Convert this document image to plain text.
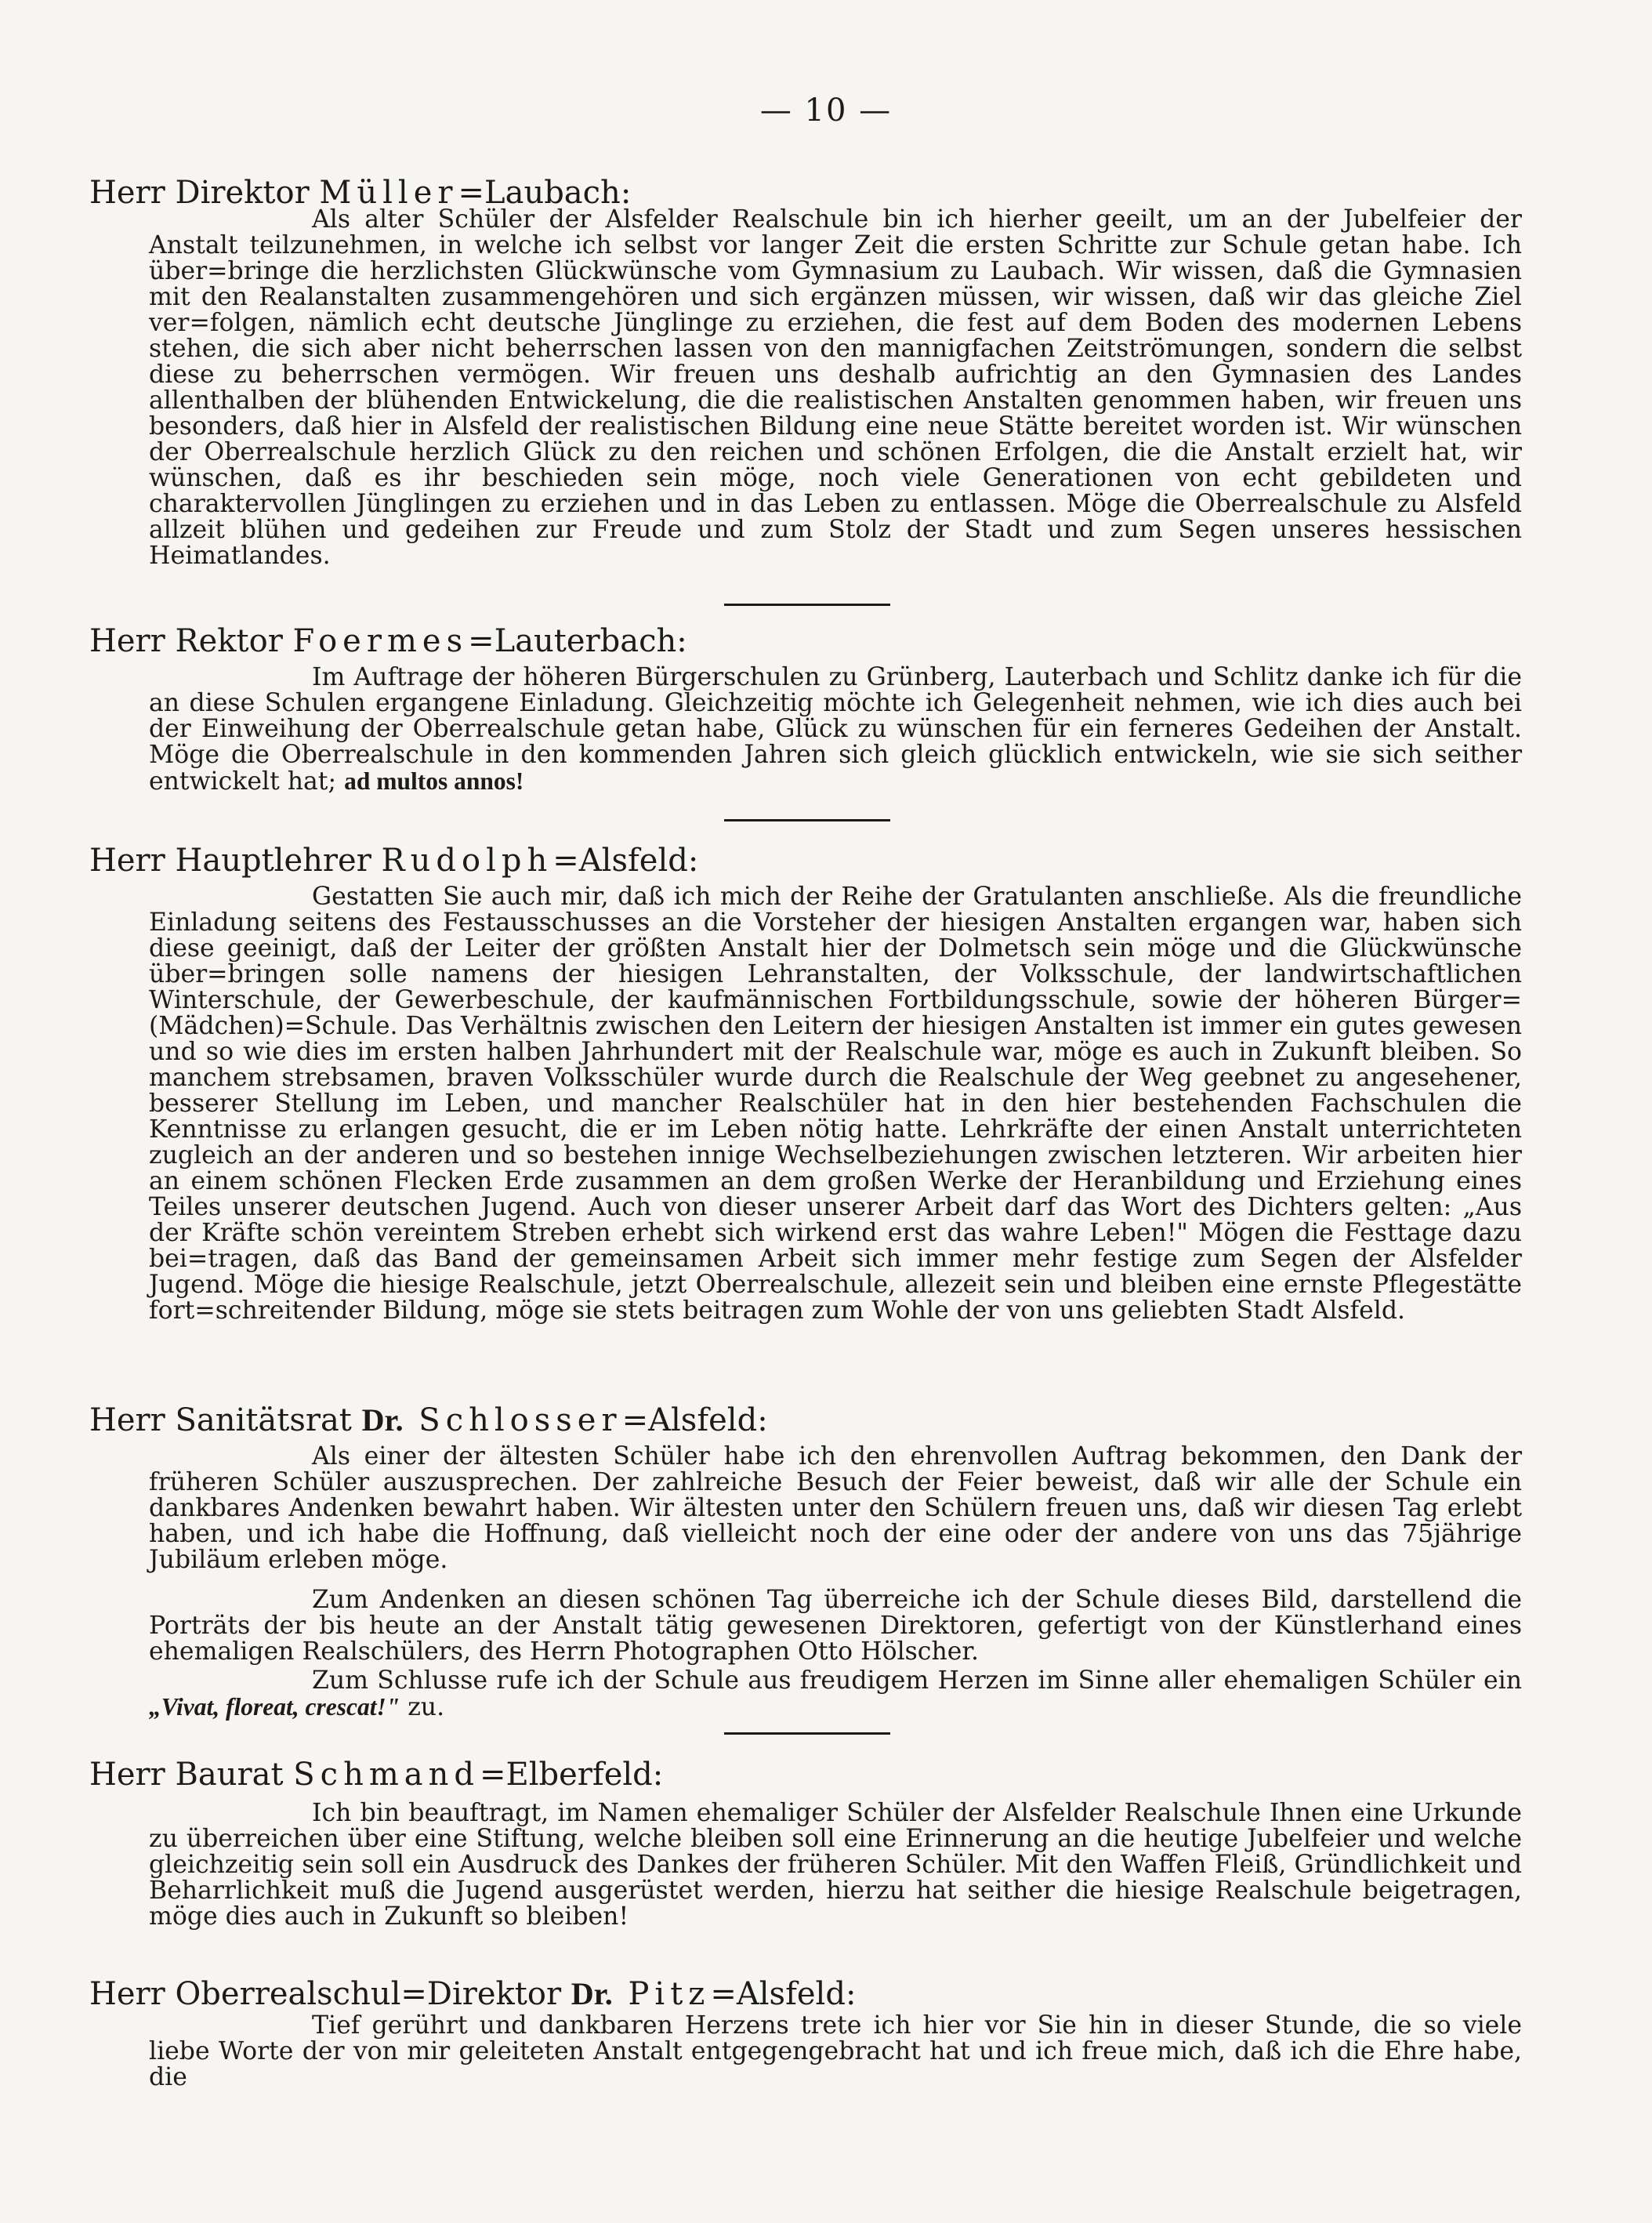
— 10 —
Herr Direktor Müller=Laubach:

Als alter Schüler der Alsfelder Realschule bin ich hierher geeilt, um an der Jubelfeier der Anstalt teilzunehmen, in welche ich selbst vor langer Zeit die ersten Schritte zur Schule getan habe. Ich über=bringe die herzlichsten Glückwünsche vom Gymnasium zu Laubach. Wir wissen, daß die Gymnasien mit den Realanstalten zusammengehören und sich ergänzen müssen, wir wissen, daß wir das gleiche Ziel ver=folgen, nämlich echt deutsche Jünglinge zu erziehen, die fest auf dem Boden des modernen Lebens stehen, die sich aber nicht beherrschen lassen von den mannigfachen Zeitströmungen, sondern die selbst diese zu beherrschen vermögen. Wir freuen uns deshalb aufrichtig an den Gymnasien des Landes allenthalben der blühenden Entwickelung, die die realistischen Anstalten genommen haben, wir freuen uns besonders, daß hier in Alsfeld der realistischen Bildung eine neue Stätte bereitet worden ist. Wir wünschen der Oberrealschule herzlich Glück zu den reichen und schönen Erfolgen, die die Anstalt erzielt hat, wir wünschen, daß es ihr beschieden sein möge, noch viele Generationen von echt gebildeten und charaktervollen Jünglingen zu erziehen und in das Leben zu entlassen. Möge die Oberrealschule zu Alsfeld allzeit blühen und gedeihen zur Freude und zum Stolz der Stadt und zum Segen unseres hessischen Heimatlandes.

Herr Rektor Foermes=Lauterbach:

Im Auftrage der höheren Bürgerschulen zu Grünberg, Lauterbach und Schlitz danke ich für die an diese Schulen ergangene Einladung. Gleichzeitig möchte ich Gelegenheit nehmen, wie ich dies auch bei der Einweihung der Oberrealschule getan habe, Glück zu wünschen für ein ferneres Gedeihen der Anstalt. Möge die Oberrealschule in den kommenden Jahren sich gleich glücklich entwickeln, wie sie sich seither entwickelt hat; ad multos annos!

Herr Hauptlehrer Rudolph=Alsfeld:

Gestatten Sie auch mir, daß ich mich der Reihe der Gratulanten anschließe. Als die freundliche Einladung seitens des Festausschusses an die Vorsteher der hiesigen Anstalten ergangen war, haben sich diese geeinigt, daß der Leiter der größten Anstalt hier der Dolmetsch sein möge und die Glückwünsche über=bringen solle namens der hiesigen Lehranstalten, der Volksschule, der landwirtschaftlichen Winterschule, der Gewerbeschule, der kaufmännischen Fortbildungsschule, sowie der höheren Bürger=(Mädchen)=Schule. Das Verhältnis zwischen den Leitern der hiesigen Anstalten ist immer ein gutes gewesen und so wie dies im ersten halben Jahrhundert mit der Realschule war, möge es auch in Zukunft bleiben. So manchem strebsamen, braven Volksschüler wurde durch die Realschule der Weg geebnet zu angesehener, besserer Stellung im Leben, und mancher Realschüler hat in den hier bestehenden Fachschulen die Kenntnisse zu erlangen gesucht, die er im Leben nötig hatte. Lehrkräfte der einen Anstalt unterrichteten zugleich an der anderen und so bestehen innige Wechselbeziehungen zwischen letzteren. Wir arbeiten hier an einem schönen Flecken Erde zusammen an dem großen Werke der Heranbildung und Erziehung eines Teiles unserer deutschen Jugend. Auch von dieser unserer Arbeit darf das Wort des Dichters gelten: „Aus der Kräfte schön vereintem Streben erhebt sich wirkend erst das wahre Leben!" Mögen die Festtage dazu bei=tragen, daß das Band der gemeinsamen Arbeit sich immer mehr festige zum Segen der Alsfelder Jugend. Möge die hiesige Realschule, jetzt Oberrealschule, allezeit sein und bleiben eine ernste Pflegestätte fort=schreitender Bildung, möge sie stets beitragen zum Wohle der von uns geliebten Stadt Alsfeld.

Herr Sanitätsrat Dr. Schlosser=Alsfeld:

Als einer der ältesten Schüler habe ich den ehrenvollen Auftrag bekommen, den Dank der früheren Schüler auszusprechen. Der zahlreiche Besuch der Feier beweist, daß wir alle der Schule ein dankbares Andenken bewahrt haben. Wir ältesten unter den Schülern freuen uns, daß wir diesen Tag erlebt haben, und ich habe die Hoffnung, daß vielleicht noch der eine oder der andere von uns das 75jährige Jubiläum erleben möge.

Zum Andenken an diesen schönen Tag überreiche ich der Schule dieses Bild, darstellend die Porträts der bis heute an der Anstalt tätig gewesenen Direktoren, gefertigt von der Künstlerhand eines ehemaligen Realschülers, des Herrn Photographen Otto Hölscher.

Zum Schlusse rufe ich der Schule aus freudigem Herzen im Sinne aller ehemaligen Schüler ein „Vivat, floreat, crescat!" zu.

Herr Baurat Schmand=Elberfeld:

Ich bin beauftragt, im Namen ehemaliger Schüler der Alsfelder Realschule Ihnen eine Urkunde zu überreichen über eine Stiftung, welche bleiben soll eine Erinnerung an die heutige Jubelfeier und welche gleichzeitig sein soll ein Ausdruck des Dankes der früheren Schüler. Mit den Waffen Fleiß, Gründlichkeit und Beharrlichkeit muß die Jugend ausgerüstet werden, hierzu hat seither die hiesige Realschule beigetragen, möge dies auch in Zukunft so bleiben!

Herr Oberrealschul=Direktor Dr. Pitz=Alsfeld:

Tief gerührt und dankbaren Herzens trete ich hier vor Sie hin in dieser Stunde, die so viele liebe Worte der von mir geleiteten Anstalt entgegengebracht hat und ich freue mich, daß ich die Ehre habe, die
